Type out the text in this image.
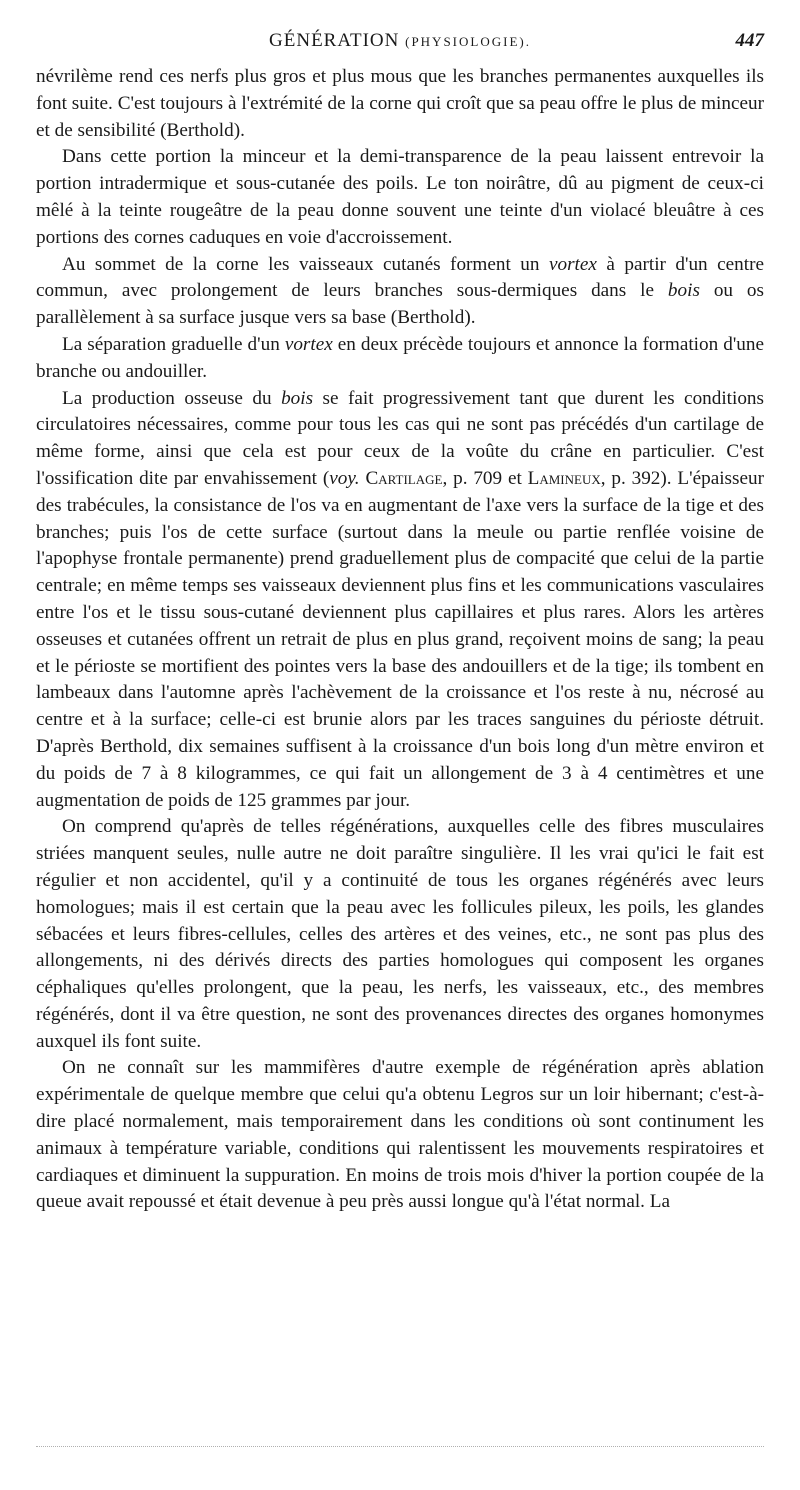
GÉNÉRATION (PHYSIOLOGIE).	447

névrilème rend ces nerfs plus gros et plus mous que les branches permanentes auxquelles ils font suite. C'est toujours à l'extrémité de la corne qui croît que sa peau offre le plus de minceur et de sensibilité (Berthold).

Dans cette portion la minceur et la demi-transparence de la peau laissent entrevoir la portion intradermique et sous-cutanée des poils. Le ton noirâtre, dû au pigment de ceux-ci mêlé à la teinte rougeâtre de la peau donne souvent une teinte d'un violacé bleuâtre à ces portions des cornes caduques en voie d'accroissement.

Au sommet de la corne les vaisseaux cutanés forment un vortex à partir d'un centre commun, avec prolongement de leurs branches sous-dermiques dans le bois ou os parallèlement à sa surface jusque vers sa base (Berthold).

La séparation graduelle d'un vortex en deux précède toujours et annonce la formation d'une branche ou andouiller.

La production osseuse du bois se fait progressivement tant que durent les conditions circulatoires nécessaires, comme pour tous les cas qui ne sont pas précédés d'un cartilage de même forme, ainsi que cela est pour ceux de la voûte du crâne en particulier. C'est l'ossification dite par envahissement (voy. Cartilage, p. 709 et Lamineux, p. 392). L'épaisseur des trabécules, la consistance de l'os va en augmentant de l'axe vers la surface de la tige et des branches; puis l'os de cette surface (surtout dans la meule ou partie renflée voisine de l'apophyse frontale permanente) prend graduellement plus de compacité que celui de la partie centrale; en même temps ses vaisseaux deviennent plus fins et les communications vasculaires entre l'os et le tissu sous-cutané deviennent plus capillaires et plus rares. Alors les artères osseuses et cutanées offrent un retrait de plus en plus grand, reçoivent moins de sang; la peau et le périoste se mortifient des pointes vers la base des andouillers et de la tige; ils tombent en lambeaux dans l'automne après l'achèvement de la croissance et l'os reste à nu, nécrosé au centre et à la surface; celle-ci est brunie alors par les traces sanguines du périoste détruit. D'après Berthold, dix semaines suffisent à la croissance d'un bois long d'un mètre environ et du poids de 7 à 8 kilogrammes, ce qui fait un allongement de 3 à 4 centimètres et une augmentation de poids de 125 grammes par jour.

On comprend qu'après de telles régénérations, auxquelles celle des fibres musculaires striées manquent seules, nulle autre ne doit paraître singulière. Il les vrai qu'ici le fait est régulier et non accidentel, qu'il y a continuité de tous les organes régénérés avec leurs homologues; mais il est certain que la peau avec les follicules pileux, les poils, les glandes sébacées et leurs fibres-cellules, celles des artères et des veines, etc., ne sont pas plus des allongements, ni des dérivés directs des parties homologues qui composent les organes céphaliques qu'elles prolongent, que la peau, les nerfs, les vaisseaux, etc., des membres régénérés, dont il va être question, ne sont des provenances directes des organes homonymes auxquel ils font suite.

On ne connaît sur les mammifères d'autre exemple de régénération après ablation expérimentale de quelque membre que celui qu'a obtenu Legros sur un loir hibernant; c'est-à-dire placé normalement, mais temporairement dans les conditions où sont continument les animaux à température variable, conditions qui ralentissent les mouvements respiratoires et cardiaques et diminuent la suppuration. En moins de trois mois d'hiver la portion coupée de la queue avait repoussé et était devenue à peu près aussi longue qu'à l'état normal. La
